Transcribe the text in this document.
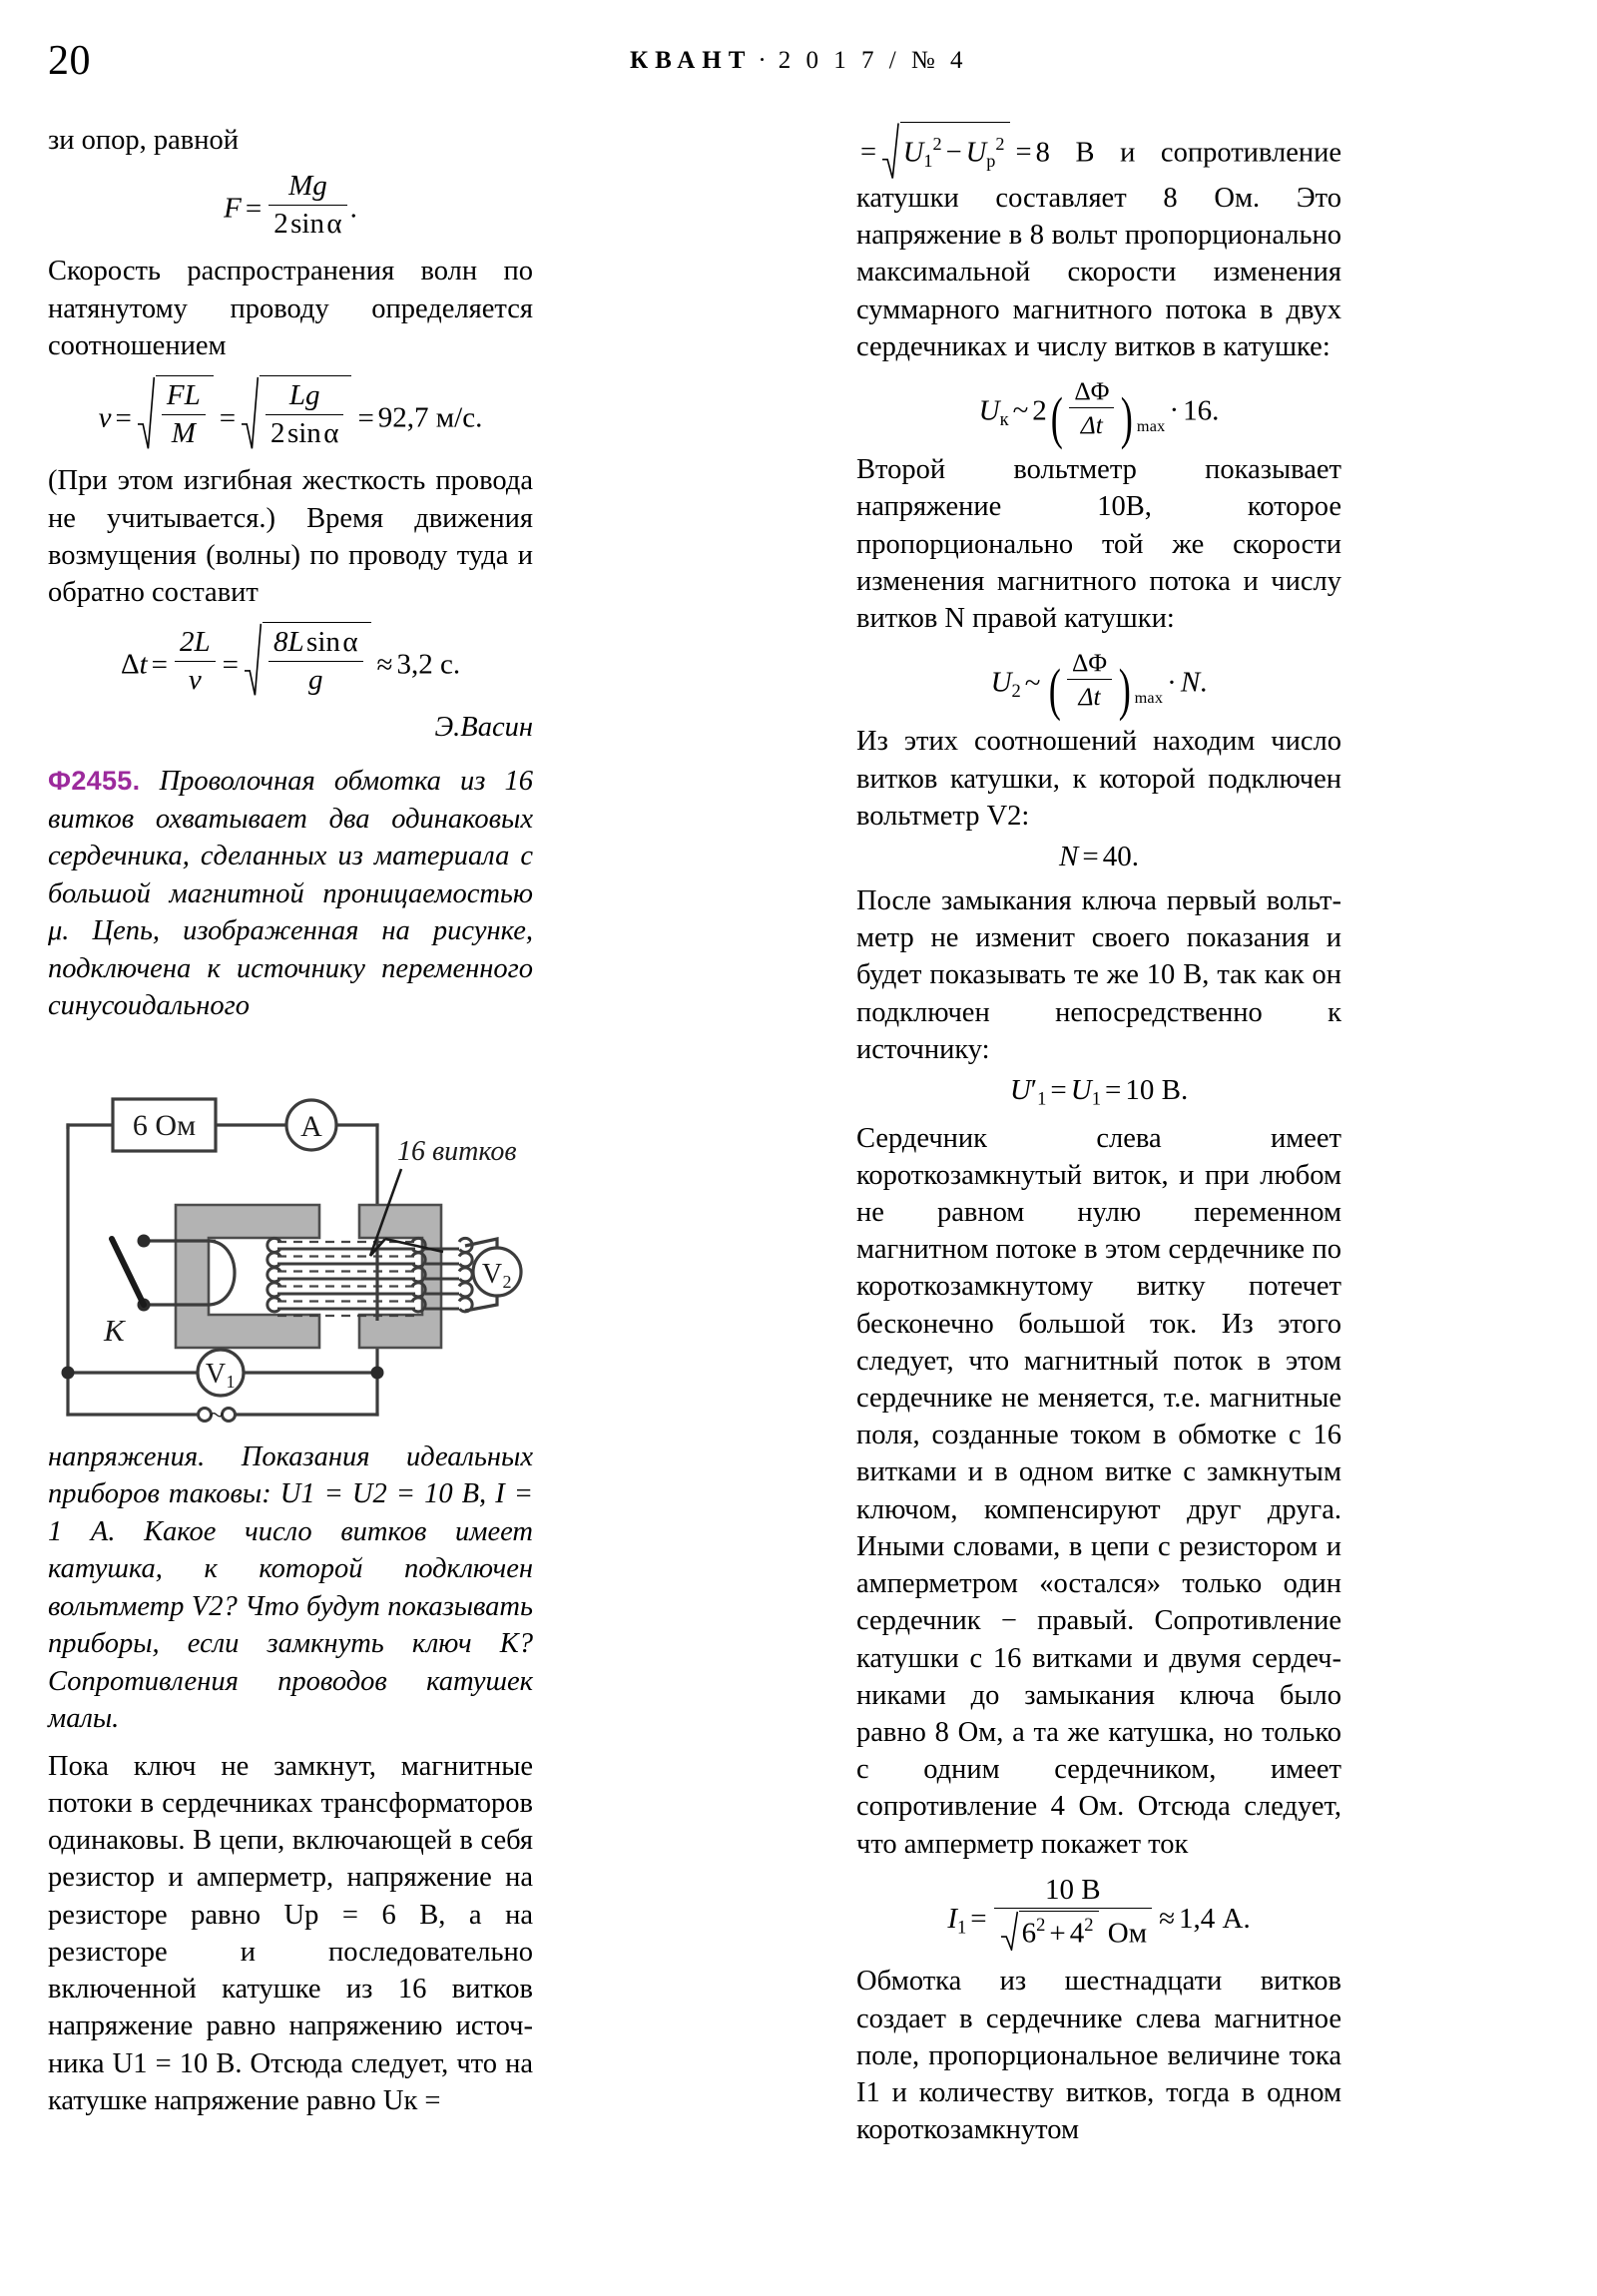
20	КВАНТ · 2 0 1 7 / № 4

зи опор, равной

$F = \frac{Mg}{\text{2 sin α}}$ .

Скорость распространения волн по натянутому проводу определяется соотношением

$v = \frac{FL}{M} = \frac{Lg}{\text{2 sin α}} = 92,7$ м/с.

(При этом изгибная жесткость провода не учитывается.) Время движения возмущения (волны) по проводу туда и обратно составит

$\Delta t = \frac{2L}{v} = \frac{\text{8L sin α}}{g} \approx 3,2$ с.
Э.Васин

Ф2455. Проволочная обмотка из 16 витков охватывает два одинаковых сердечника, сделанных из материала с большой магнитной проницаемостью μ. Цепь, изображенная на рисунке, подключена к источнику переменного синусоидального

6 Ом	A
V 2
K
V 1
~
16 витков

напряжения. Показания идеальных приборов таковы: U1 = U2 = 10 В, I = 1 А. Какое число витков имеет катушка, к которой подключен вольтметр V2? Что будут показывать приборы, если замкнуть ключ K? Сопротивления проводов катушек малы.

Пока ключ не замкнут, магнитные потоки в сердечниках трансформаторов одинаковы. В цепи, включающей в себя резистор и амперметр, напряжение на резисторе равно Uр = 6 В, а на резисторе и последовательно включенной катушке из 16 витков напряжение равно напряжению источника U1 = 10 В. Отсюда следует, что на катушке напряжение равно Uк =

= $U_1^2 - U_р^2 = 8$ В и сопротивление катушки составляет 8 Ом. Это напряжение в 8 вольт пропорционально максимальной скорости изменения суммарного магнитного потока в двух сердечниках и числу витков в катушке:

$U_к$ ~ $2( \frac{\Delta\Phi}{\Delta t}$ ) $_{max}$ · 16.

Второй вольтметр показывает напряжение 10В, которое пропорционально той же скорости изменения магнитного потока и числу витков N правой катушки:

$U_2$ ~ ( $\frac{\Delta\Phi}{\Delta t}$ ) $_{max}$ · N.

Из этих соотношений находим число витков катушки, к которой подключен вольтметр V2:

N = 40.

После замыкания ключа первый вольтметр не изменит своего показания и будет показывать те же 10 В, так как он подключен непосредственно к источнику:

$U'_1 = U_1 = 10$ В.

Сердечник слева имеет короткозамкнутый виток, и при любом не равном нулю переменном магнитном потоке в этом сердечнике по короткозамкнутому витку потечет бесконечно большой ток. Из этого следует, что магнитный поток в этом сердечнике не меняется, т.е. магнитные поля, созданные током в обмотке с 16 витками и в одном витке с замкнутым ключом, компенсируют друг друга. Иными словами, в цепи с резистором и амперметром «остался» только один сердечник − правый. Сопротивление катушки с 16 витками и двумя сердечниками до замыкания ключа было равно 8 Ом, а та же катушка, но только с одним сердечником, имеет сопротивление 4 Ом. Отсюда следует, что амперметр покажет ток

$I_1 = \frac{10 В}{6^2 + 4^2 Ом} \approx 1,4$ А.

Обмотка из шестнадцати витков создает в сердечнике слева магнитное поле, пропорциональное величине тока I1 и количеству витков, тогда в одном короткозамкнутом
